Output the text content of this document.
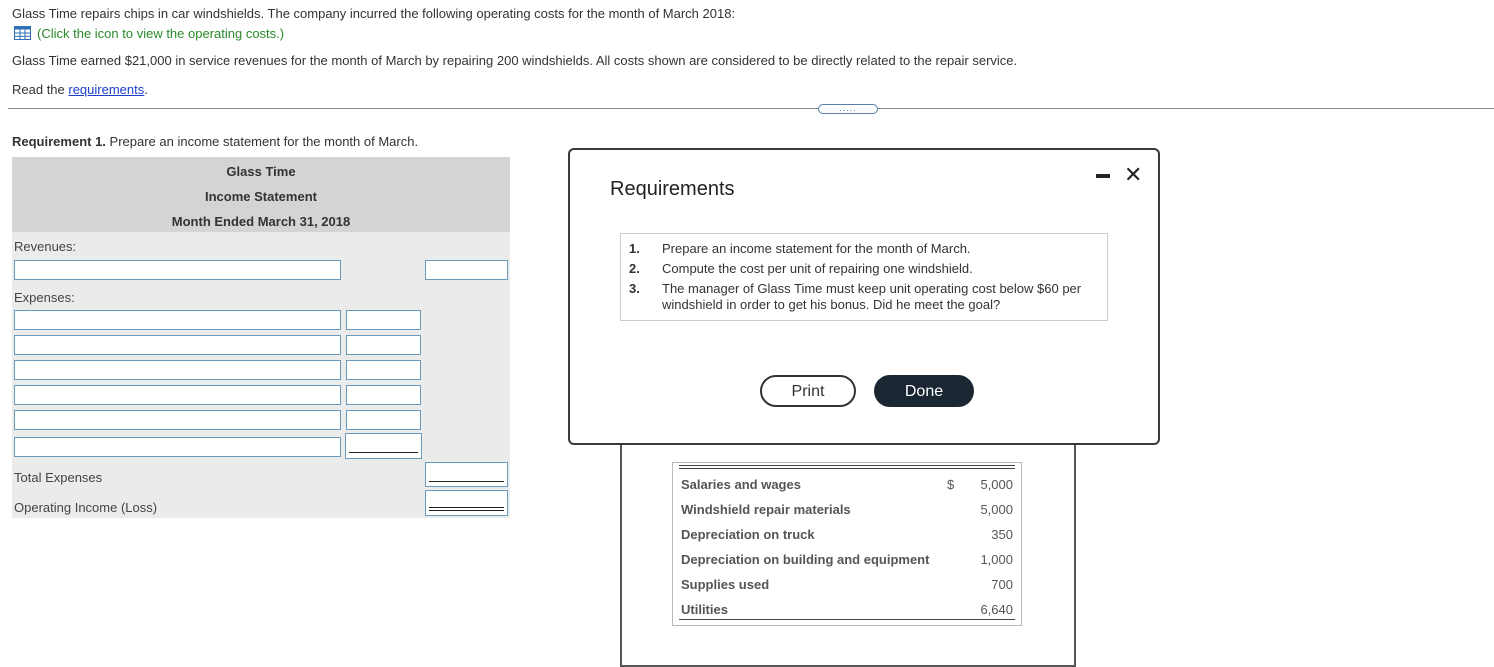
Glass Time repairs chips in car windshields. The company incurred the following operating costs for the month of March 2018:
(Click the icon to view the operating costs.)
Glass Time earned $21,000 in service revenues for the month of March by repairing 200 windshields. All costs shown are considered to be directly related to the repair service.
Read the requirements.
.....
Requirement 1. Prepare an income statement for the month of March.
Glass Time
Income Statement
Month Ended March 31, 2018
Revenues:
Expenses:
Total Expenses
Operating Income (Loss)
Salaries and wages	$ 5,000
Windshield repair materials	5,000
Depreciation on truck	350
Depreciation on building and equipment	1,000
Supplies used	700
Utilities	6,640
Requirements
✕
1. Prepare an income statement for the month of March.
2. Compute the cost per unit of repairing one windshield.
3. The manager of Glass Time must keep unit operating cost below $60 per windshield in order to get his bonus. Did he meet the goal?
Print	Done
